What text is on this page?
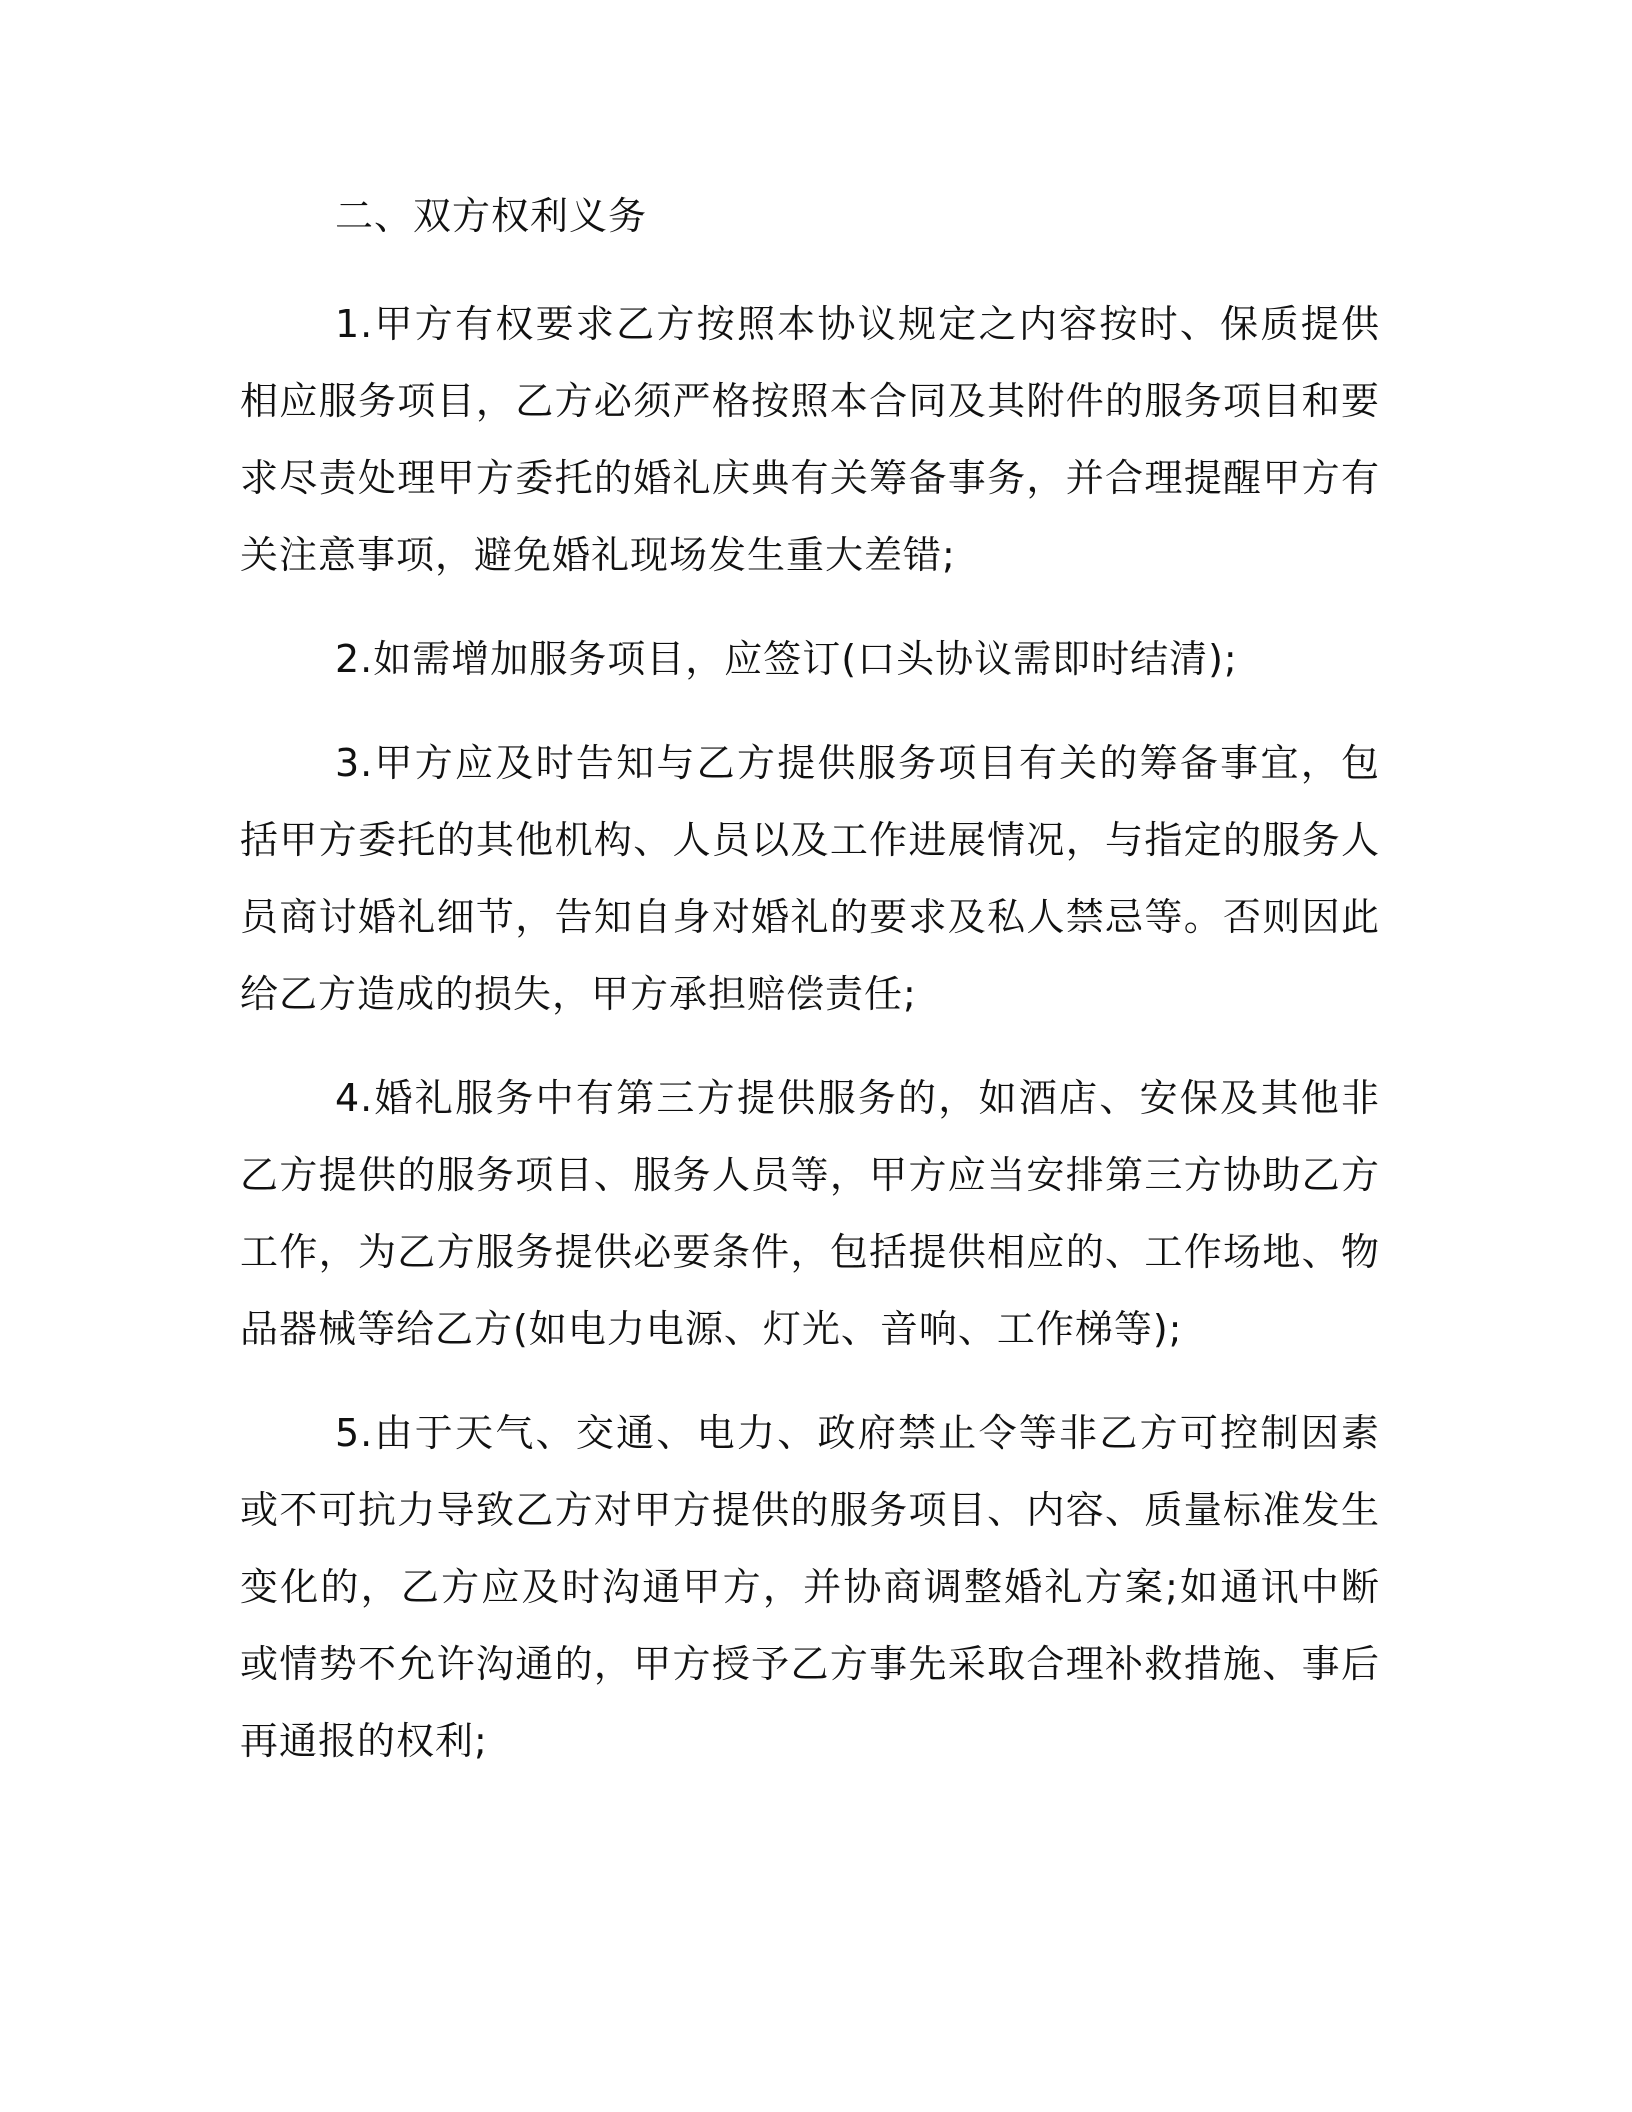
二、双方权利义务

1.甲方有权要求乙方按照本协议规定之内容按时、保质提供相应服务项目，乙方必须严格按照本合同及其附件的服务项目和要求尽责处理甲方委托的婚礼庆典有关筹备事务，并合理提醒甲方有关注意事项，避免婚礼现场发生重大差错;

2.如需增加服务项目，应签订(口头协议需即时结清);

3.甲方应及时告知与乙方提供服务项目有关的筹备事宜，包括甲方委托的其他机构、人员以及工作进展情况，与指定的服务人员商讨婚礼细节，告知自身对婚礼的要求及私人禁忌等。否则因此给乙方造成的损失，甲方承担赔偿责任;

4.婚礼服务中有第三方提供服务的，如酒店、安保及其他非乙方提供的服务项目、服务人员等，甲方应当安排第三方协助乙方工作，为乙方服务提供必要条件，包括提供相应的、工作场地、物品器械等给乙方(如电力电源、灯光、音响、工作梯等);

5.由于天气、交通、电力、政府禁止令等非乙方可控制因素或不可抗力导致乙方对甲方提供的服务项目、内容、质量标准发生变化的，乙方应及时沟通甲方，并协商调整婚礼方案;如通讯中断或情势不允许沟通的，甲方授予乙方事先采取合理补救措施、事后再通报的权利;
